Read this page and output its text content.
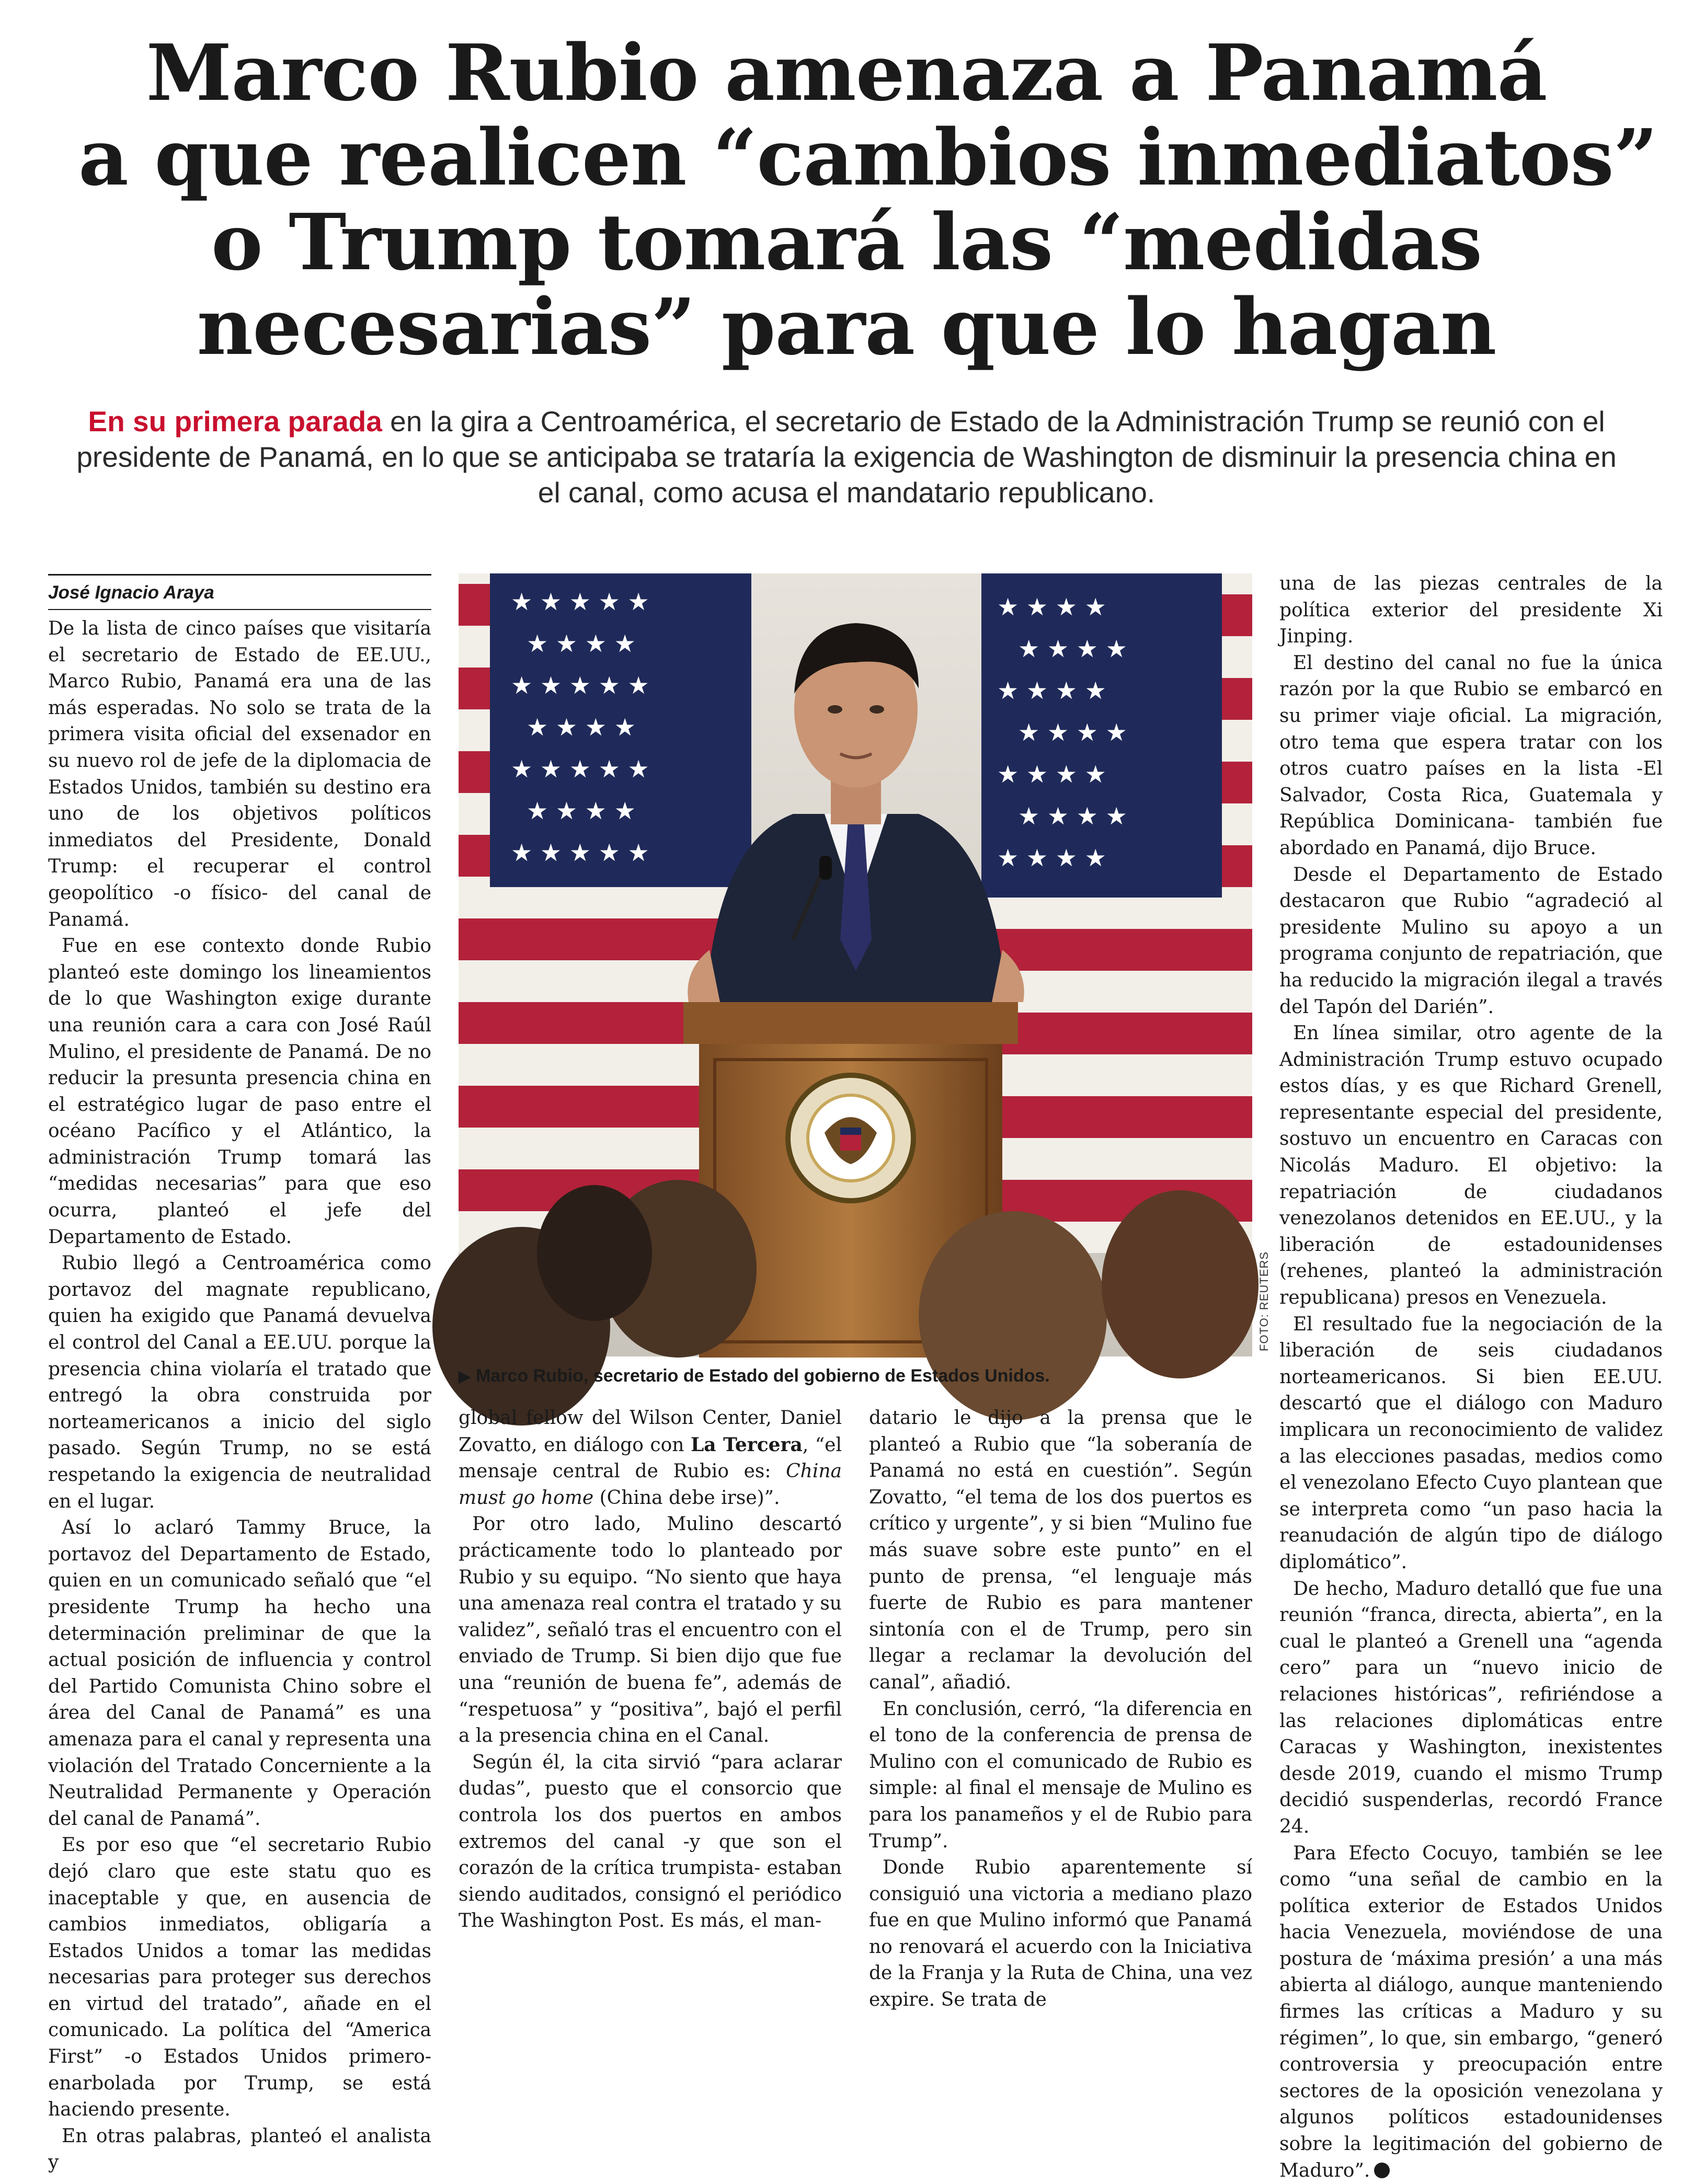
Marco Rubio amenaza a Panamá
a que realicen “cambios inmediatos”
o Trump tomará las “medidas
necesarias” para que lo hagan

En su primera parada en la gira a Centroamérica, el secretario de Estado de la Administración Trump se reunió con el presidente de Panamá, en lo que se anticipaba se trataría la exigencia de Washington de disminuir la presencia china en el canal, como acusa el mandatario republicano.

José Ignacio Araya

De la lista de cinco países que visitaría el secretario de Estado de EE.UU., Marco Rubio, Panamá era una de las más esperadas. No solo se trata de la primera visita oficial del exsenador en su nuevo rol de jefe de la diplomacia de Estados Unidos, también su destino era uno de los objetivos políticos inmediatos del Presidente, Donald Trump: el recuperar el control geopolítico -o físico- del canal de Panamá.

Fue en ese contexto donde Rubio planteó este domingo los lineamientos de lo que Washington exige durante una reunión cara a cara con José Raúl Mulino, el presidente de Panamá. De no reducir la presunta presencia china en el estratégico lugar de paso entre el océano Pacífico y el Atlántico, la administración Trump tomará las “medidas necesarias” para que eso ocurra, planteó el jefe del Departamento de Estado.

Rubio llegó a Centroamérica como portavoz del magnate republicano, quien ha exigido que Panamá devuelva el control del Canal a EE.UU. porque la presencia china violaría el tratado que entregó la obra construida por norteamericanos a inicio del siglo pasado. Según Trump, no se está respetando la exigencia de neutralidad en el lugar.

Así lo aclaró Tammy Bruce, la portavoz del Departamento de Estado, quien en un comunicado señaló que “el presidente Trump ha hecho una determinación preliminar de que la actual posición de influencia y control del Partido Comunista Chino sobre el área del Canal de Panamá” es una amenaza para el canal y representa una violación del Tratado Concerniente a la Neutralidad Permanente y Operación del canal de Panamá”.

Es por eso que “el secretario Rubio dejó claro que este statu quo es inaceptable y que, en ausencia de cambios inmediatos, obligaría a Estados Unidos a tomar las medidas necesarias para proteger sus derechos en virtud del tratado”, añade en el comunicado. La política del “America First” -o Estados Unidos primero- enarbolada por Trump, se está haciendo presente.

En otras palabras, planteó el analista y

★ ★ ★ ★ ★
★ ★ ★ ★
★ ★ ★ ★ ★
★ ★ ★ ★
★ ★ ★ ★ ★
★ ★ ★ ★
★ ★ ★ ★ ★
★ ★ ★ ★
★ ★ ★ ★
★ ★ ★ ★
★ ★ ★ ★
★ ★ ★ ★
★ ★ ★ ★
★ ★ ★ ★
FOTO: REUTERS
▶ Marco Rubio, secretario de Estado del gobierno de Estados Unidos.

global fellow del Wilson Center, Daniel Zovatto, en diálogo con La Tercera, “el mensaje central de Rubio es: China must go home (China debe irse)”.

Por otro lado, Mulino descartó prácticamente todo lo planteado por Rubio y su equipo. “No siento que haya una amenaza real contra el tratado y su validez”, señaló tras el encuentro con el enviado de Trump. Si bien dijo que fue una “reunión de buena fe”, además de “respetuosa” y “positiva”, bajó el perfil a la presencia china en el Canal.

Según él, la cita sirvió “para aclarar dudas”, puesto que el consorcio que controla los dos puertos en ambos extremos del canal -y que son el corazón de la crítica trumpista- estaban siendo auditados, consignó el periódico The Washington Post. Es más, el man-

datario le dijo a la prensa que le planteó a Rubio que “la soberanía de Panamá no está en cuestión”. Según Zovatto, “el tema de los dos puertos es crítico y urgente”, y si bien “Mulino fue más suave sobre este punto” en el punto de prensa, “el lenguaje más fuerte de Rubio es para mantener sintonía con el de Trump, pero sin llegar a reclamar la devolución del canal”, añadió.

En conclusión, cerró, “la diferencia en el tono de la conferencia de prensa de Mulino con el comunicado de Rubio es simple: al final el mensaje de Mulino es para los panameños y el de Rubio para Trump”.

Donde Rubio aparentemente sí consiguió una victoria a mediano plazo fue en que Mulino informó que Panamá no renovará el acuerdo con la Iniciativa de la Franja y la Ruta de China, una vez expire. Se trata de

una de las piezas centrales de la política exterior del presidente Xi Jinping.

El destino del canal no fue la única razón por la que Rubio se embarcó en su primer viaje oficial. La migración, otro tema que espera tratar con los otros cuatro países en la lista -El Salvador, Costa Rica, Guatemala y República Dominicana- también fue abordado en Panamá, dijo Bruce.

Desde el Departamento de Estado destacaron que Rubio “agradeció al presidente Mulino su apoyo a un programa conjunto de repatriación, que ha reducido la migración ilegal a través del Tapón del Darién”.

En línea similar, otro agente de la Administración Trump estuvo ocupado estos días, y es que Richard Grenell, representante especial del presidente, sostuvo un encuentro en Caracas con Nicolás Maduro. El objetivo: la repatriación de ciudadanos venezolanos detenidos en EE.UU., y la liberación de estadounidenses (rehenes, planteó la administración republicana) presos en Venezuela.

El resultado fue la negociación de la liberación de seis ciudadanos norteamericanos. Si bien EE.UU. descartó que el diálogo con Maduro implicara un reconocimiento de validez a las elecciones pasadas, medios como el venezolano Efecto Cuyo plantean que se interpreta como “un paso hacia la reanudación de algún tipo de diálogo diplomático”.

De hecho, Maduro detalló que fue una reunión “franca, directa, abierta”, en la cual le planteó a Grenell una “agenda cero” para un “nuevo inicio de relaciones históricas”, refiriéndose a las relaciones diplomáticas entre Caracas y Washington, inexistentes desde 2019, cuando el mismo Trump decidió suspenderlas, recordó France 24.

Para Efecto Cocuyo, también se lee como “una señal de cambio en la política exterior de Estados Unidos hacia Venezuela, moviéndose de una postura de ‘máxima presión’ a una más abierta al diálogo, aunque manteniendo firmes las críticas a Maduro y su régimen”, lo que, sin embargo, “generó controversia y preocupación entre sectores de la oposición venezolana y algunos políticos estadounidenses sobre la legitimación del gobierno de Maduro”.
